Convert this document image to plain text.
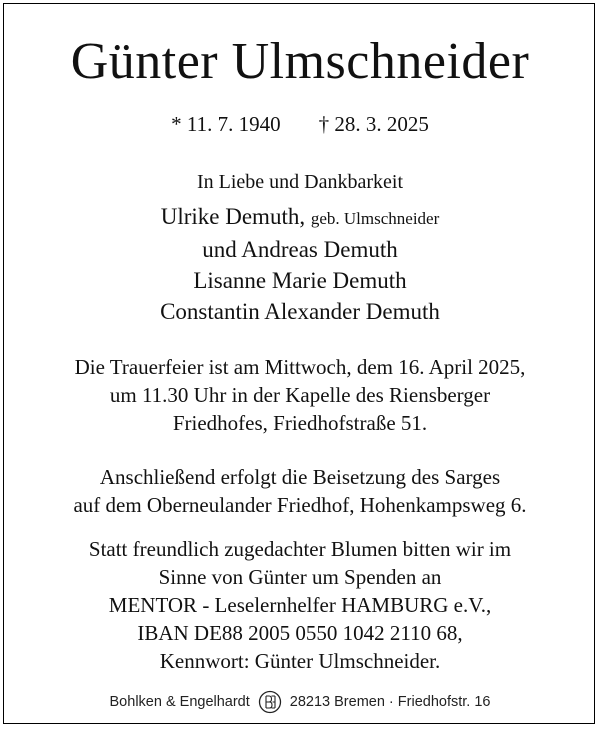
Günter Ulmschneider
* 11. 7. 1940 † 28. 3. 2025
In Liebe und Dankbarkeit
Ulrike Demuth, geb. Ulmschneider
und Andreas Demuth
Lisanne Marie Demuth
Constantin Alexander Demuth
Die Trauerfeier ist am Mittwoch, dem 16. April 2025,
um 11.30 Uhr in der Kapelle des Riensberger
Friedhofes, Friedhofstraße 51.
Anschließend erfolgt die Beisetzung des Sarges
auf dem Oberneulander Friedhof, Hohenkampsweg 6.
Statt freundlich zugedachter Blumen bitten wir im
Sinne von Günter um Spenden an
MENTOR - Leselernhelfer HAMBURG e.V.,
IBAN DE88 2005 0550 1042 2110 68,
Kennwort: Günter Ulmschneider.
Bohlken & Engelhardt	28213 Bremen · Friedhofstr. 16
